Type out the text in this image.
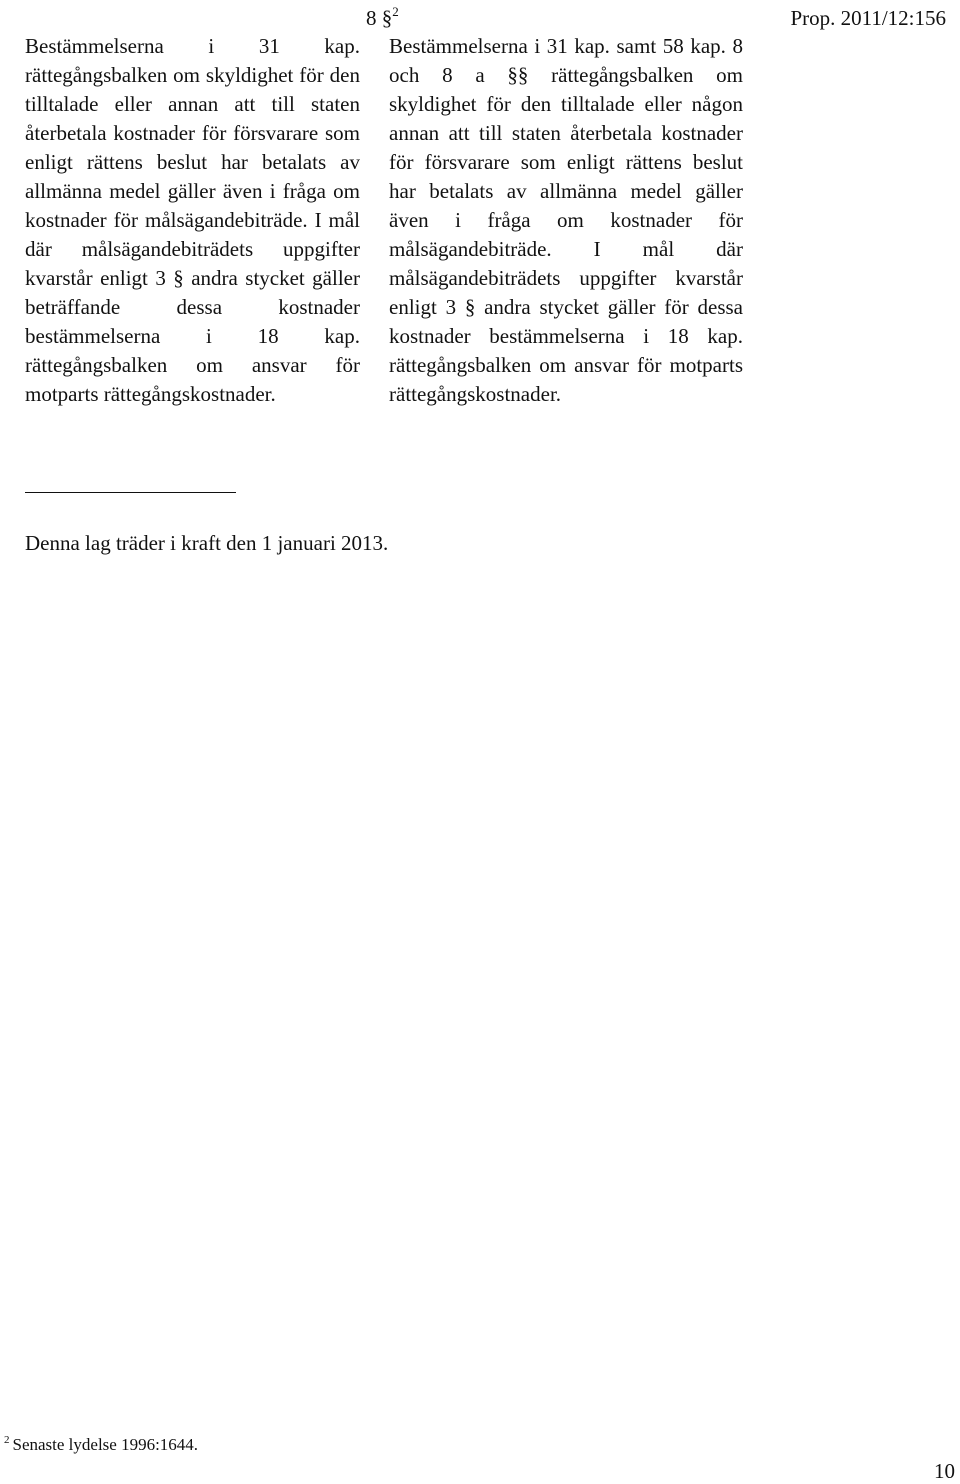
8 §$^2$	Prop. 2011/12:156

Bestämmelserna i 31 kap. rättegångsbalken om skyldighet för den tilltalade eller annan att till staten återbetala kostnader för försvarare som enligt rättens beslut har betalats av allmänna medel gäller även i fråga om kostnader för målsägandebiträde. I mål där målsägandebiträdets uppgifter kvarstår enligt 3 § andra stycket gäller beträffande dessa kostnader bestämmelserna i 18 kap. rättegångsbalken om ansvar för motparts rättegångskostnader.

Bestämmelserna i 31 kap. samt 58 kap. 8 och 8 a §§ rättegångsbalken om skyldighet för den tilltalade eller någon annan att till staten återbetala kostnader för försvarare som enligt rättens beslut har betalats av allmänna medel gäller även i fråga om kostnader för målsägandebiträde. I mål där målsägandebiträdets uppgifter kvarstår enligt 3 § andra stycket gäller för dessa kostnader bestämmelserna i 18 kap. rättegångsbalken om ansvar för motparts rättegångskostnader.

Denna lag träder i kraft den 1 januari 2013.
$^2$ Senaste lydelse 1996:1644.
10
